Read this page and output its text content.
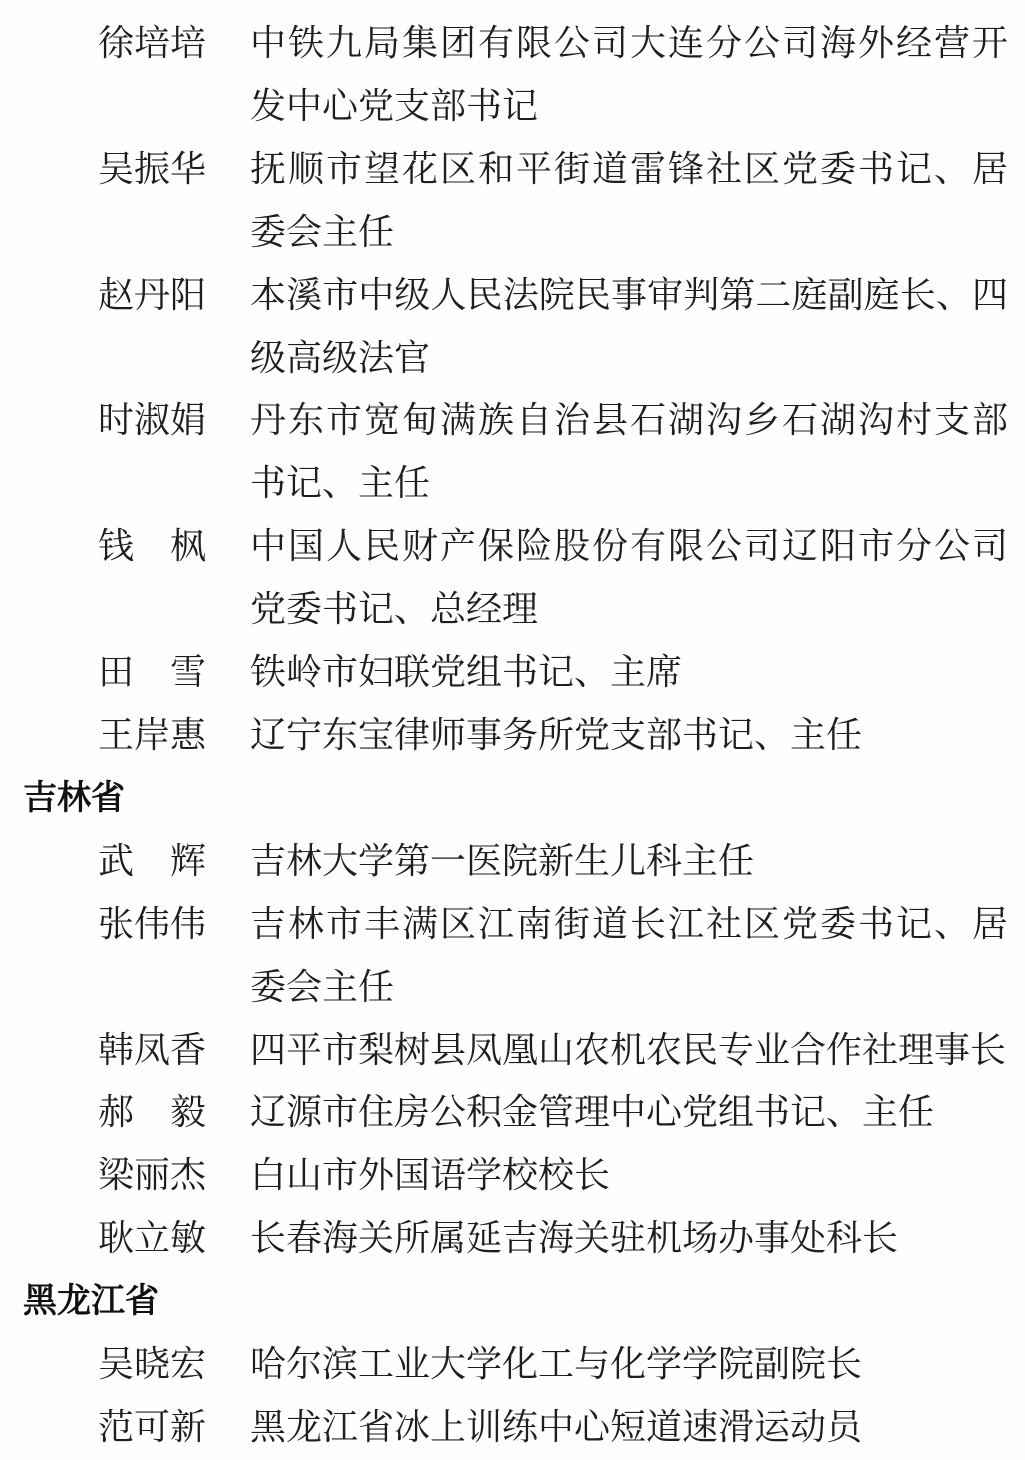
徐培培 中铁九局集团有限公司大连分公司海外经营开
发中心党支部书记
吴振华 抚顺市望花区和平街道雷锋社区党委书记、居
委会主任
赵丹阳 本溪市中级人民法院民事审判第二庭副庭长、四
级高级法官
时淑娟 丹东市宽甸满族自治县石湖沟乡石湖沟村支部
书记、主任
钱　枫 中国人民财产保险股份有限公司辽阳市分公司
党委书记、总经理
田　雪 铁岭市妇联党组书记、主席
王岸惠 辽宁东宝律师事务所党支部书记、主任
吉林省
武　辉 吉林大学第一医院新生儿科主任
张伟伟 吉林市丰满区江南街道长江社区党委书记、居
委会主任
韩凤香 四平市梨树县凤凰山农机农民专业合作社理事长
郝　毅 辽源市住房公积金管理中心党组书记、主任
梁丽杰 白山市外国语学校校长
耿立敏 长春海关所属延吉海关驻机场办事处科长
黑龙江省
吴晓宏 哈尔滨工业大学化工与化学学院副院长
范可新 黑龙江省冰上训练中心短道速滑运动员
